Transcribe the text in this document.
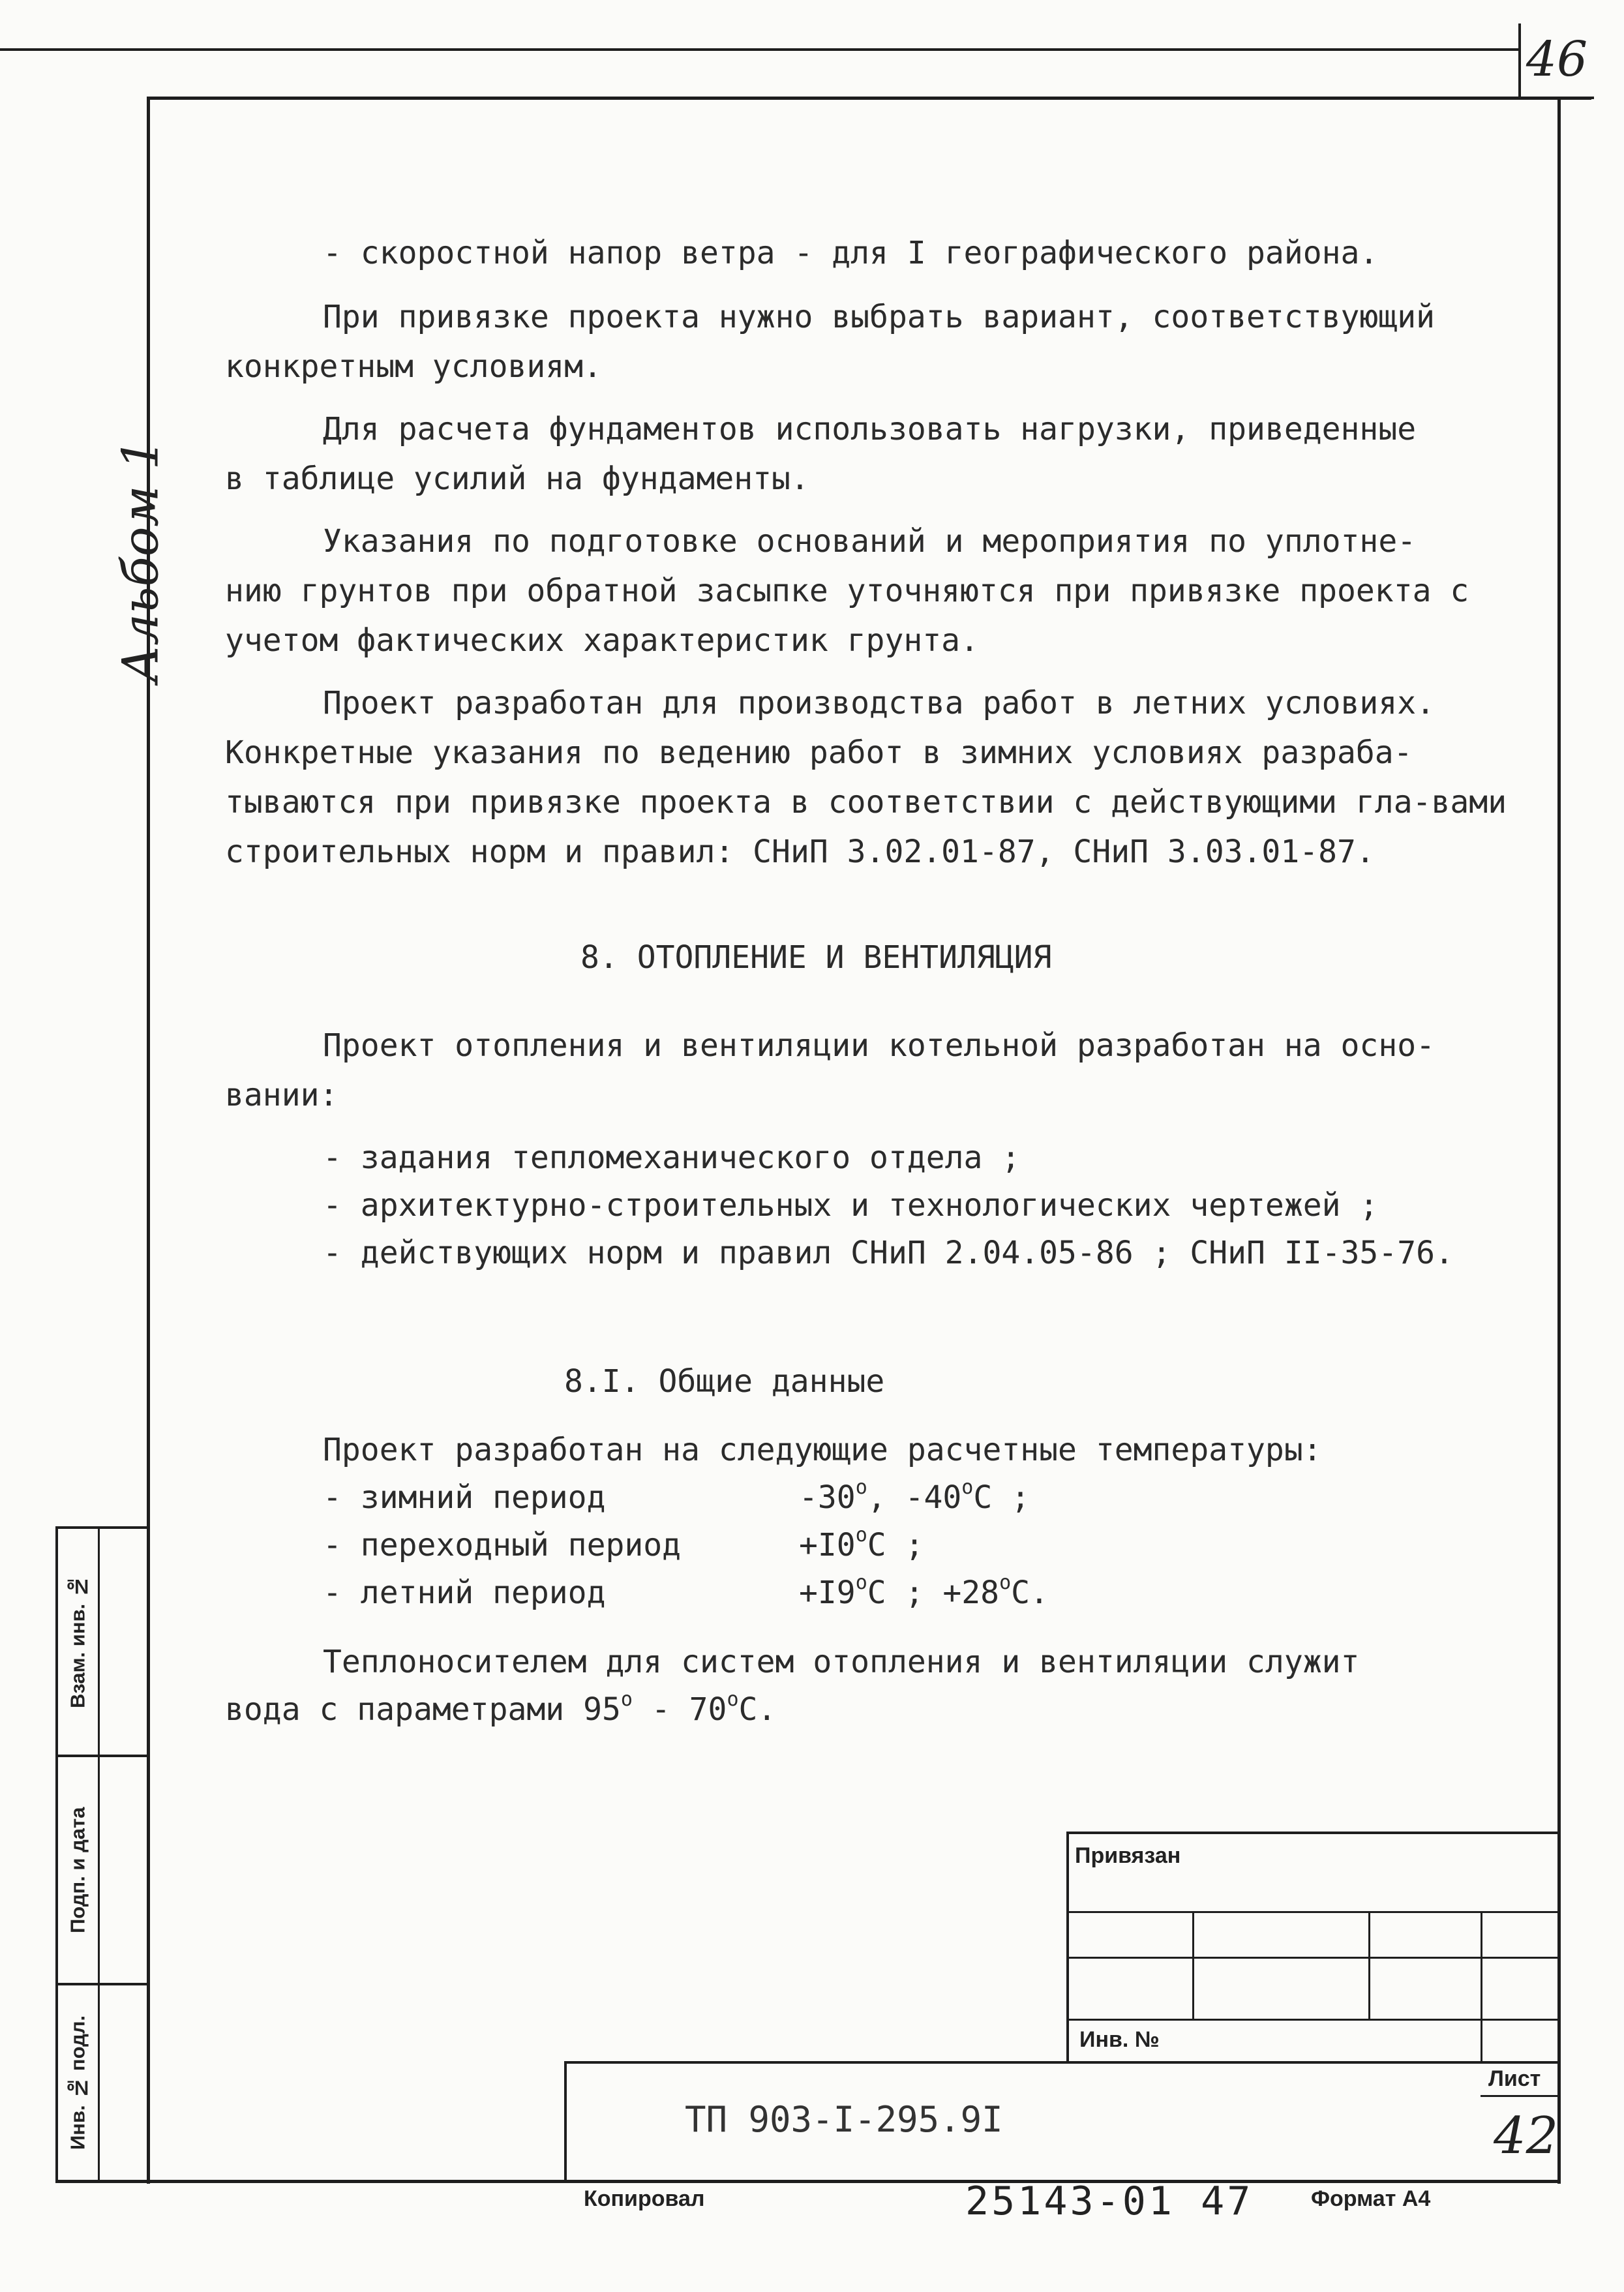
46
Альбом 1
- скоростной напор ветра - для I географического района.
При привязке проекта нужно выбрать вариант, соответствующий
конкретным условиям.
Для расчета фундаментов использовать нагрузки, приведенные
в таблице усилий на фундаменты.
Указания по подготовке оснований и мероприятия по уплотне-
нию грунтов при обратной засыпке уточняются при привязке проекта с учетом фактических характеристик грунта.
Проект разработан для производства работ в летних условиях.
Конкретные указания по ведению работ в зимних условиях разраба-тываются при привязке проекта в соответствии с действующими гла-вами строительных норм и правил: СНиП 3.02.01-87, СНиП 3.03.01-87.
8. ОТОПЛЕНИЕ И ВЕНТИЛЯЦИЯ
Проект отопления и вентиляции котельной разработан на осно-
вании:
- задания тепломеханического отдела ;
- архитектурно-строительных и технологических чертежей ;
- действующих норм и правил СНиП 2.04.05-86 ; СНиП II-35-76.
8.I. Общие данные
Проект разработан на следующие расчетные температуры:
- зимний период	$-30^о$, $-40^оС$ ;
- переходный период	$+I0^оС$ ;
- летний период	$+I9^оС$ ; $+28^оС$.
Теплоносителем для систем отопления и вентиляции служит
вода с параметрами $95^о - 70^оС$.
Взам. инв. №
Подп. и дата
Инв. № подл.
Привязан
Инв. №
Лист
ТП 903-I-295.9I	42
Копировал	25143-01 47	Формат А4
